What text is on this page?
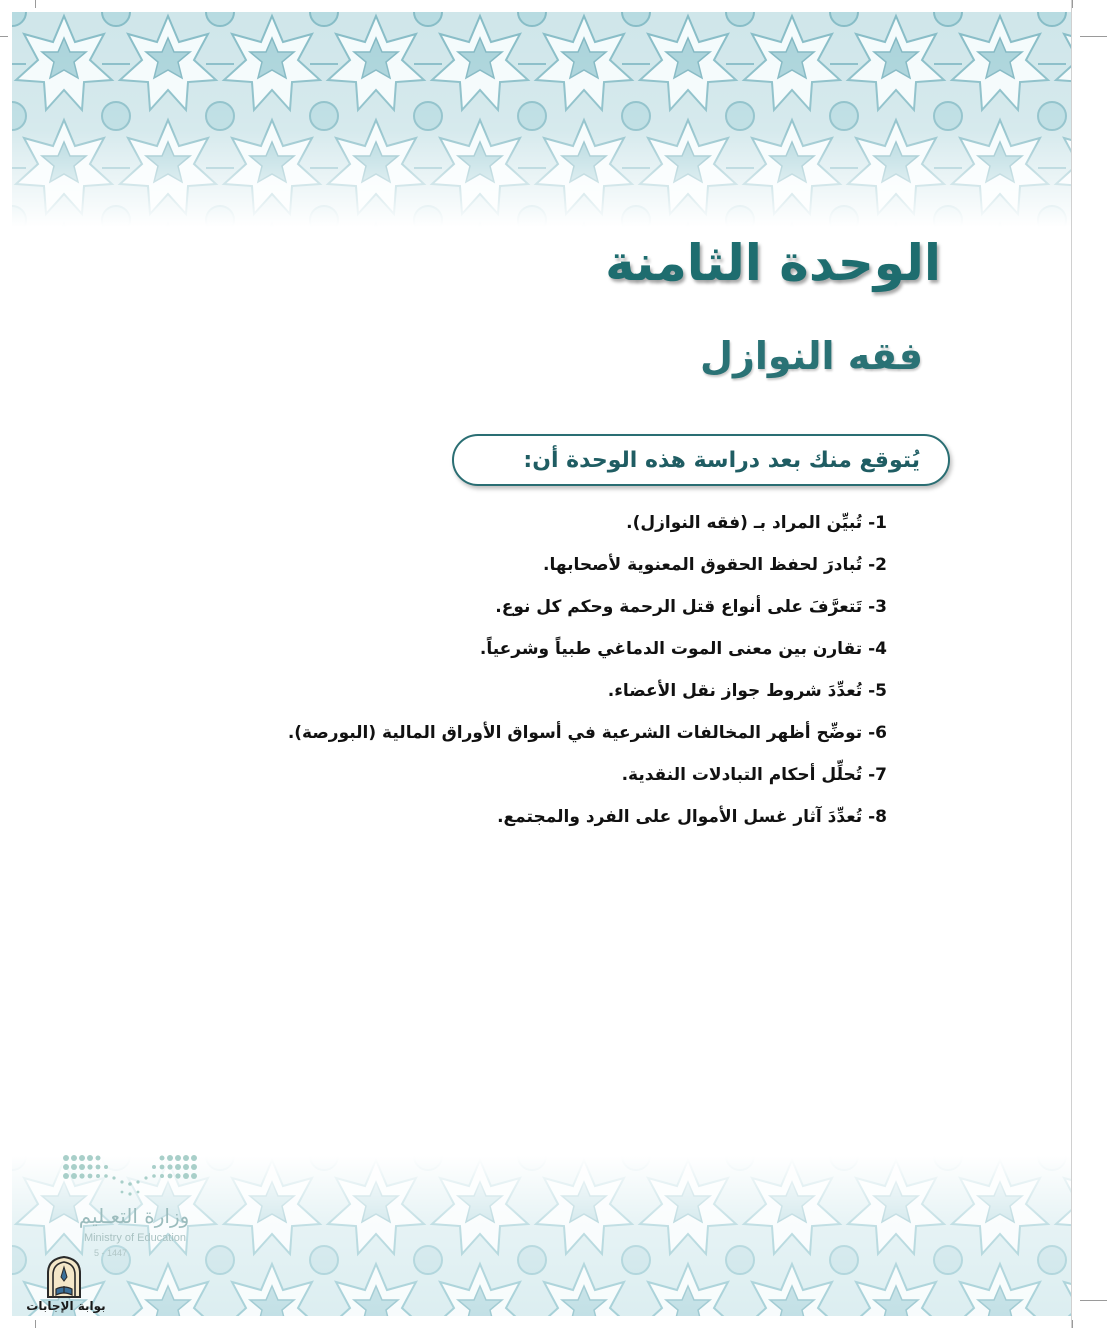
الوحدة الثامنة
فقه النوازل
يُتوقع منك بعد دراسة هذه الوحدة أن:
1- تُبيِّن المراد بـ (فقه النوازل).
2- تُبادرَ لحفظ الحقوق المعنوية لأصحابها.
3- تَتعرَّفَ على أنواع قتل الرحمة وحكم كل نوع.
4- تقارن بين معنى الموت الدماغي طبياً وشرعياً.
5- تُعدِّدَ شروط جواز نقل الأعضاء.
6- توضِّح أظهر المخالفات الشرعية في أسواق الأوراق المالية (البورصة).
7- تُحلِّل أحكام التبادلات النقدية.
8- تُعدِّدَ آثار غسل الأموال على الفرد والمجتمع.
وزارة التعـليم
Ministry of Education
5 - 1447
بوابة الإجابات
